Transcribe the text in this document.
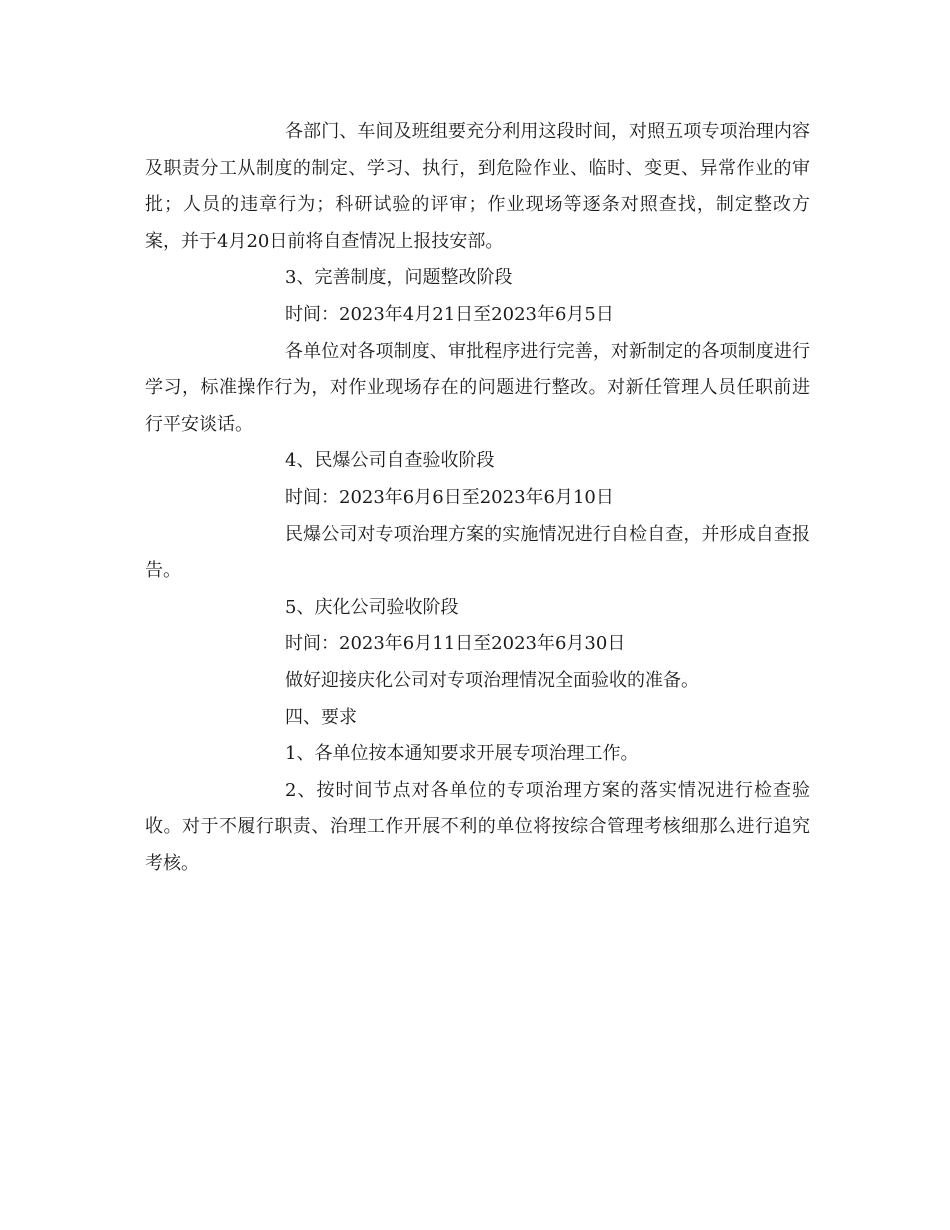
各部门、车间及班组要充分利用这段时间，对照五项专项治理内容及职责分工从制度的制定、学习、执行，到危险作业、临时、变更、异常作业的审批；人员的违章行为；科研试验的评审；作业现场等逐条对照查找，制定整改方案，并于4月20日前将自查情况上报技安部。

3、完善制度，问题整改阶段

时间：2023年4月21日至2023年6月5日

各单位对各项制度、审批程序进行完善，对新制定的各项制度进行学习，标准操作行为，对作业现场存在的问题进行整改。对新任管理人员任职前进行平安谈话。

4、民爆公司自查验收阶段

时间：2023年6月6日至2023年6月10日

民爆公司对专项治理方案的实施情况进行自检自查，并形成自查报告。

5、庆化公司验收阶段

时间：2023年6月11日至2023年6月30日

做好迎接庆化公司对专项治理情况全面验收的准备。

四、要求

1、各单位按本通知要求开展专项治理工作。

2、按时间节点对各单位的专项治理方案的落实情况进行检查验收。对于不履行职责、治理工作开展不利的单位将按综合管理考核细那么进行追究考核。
